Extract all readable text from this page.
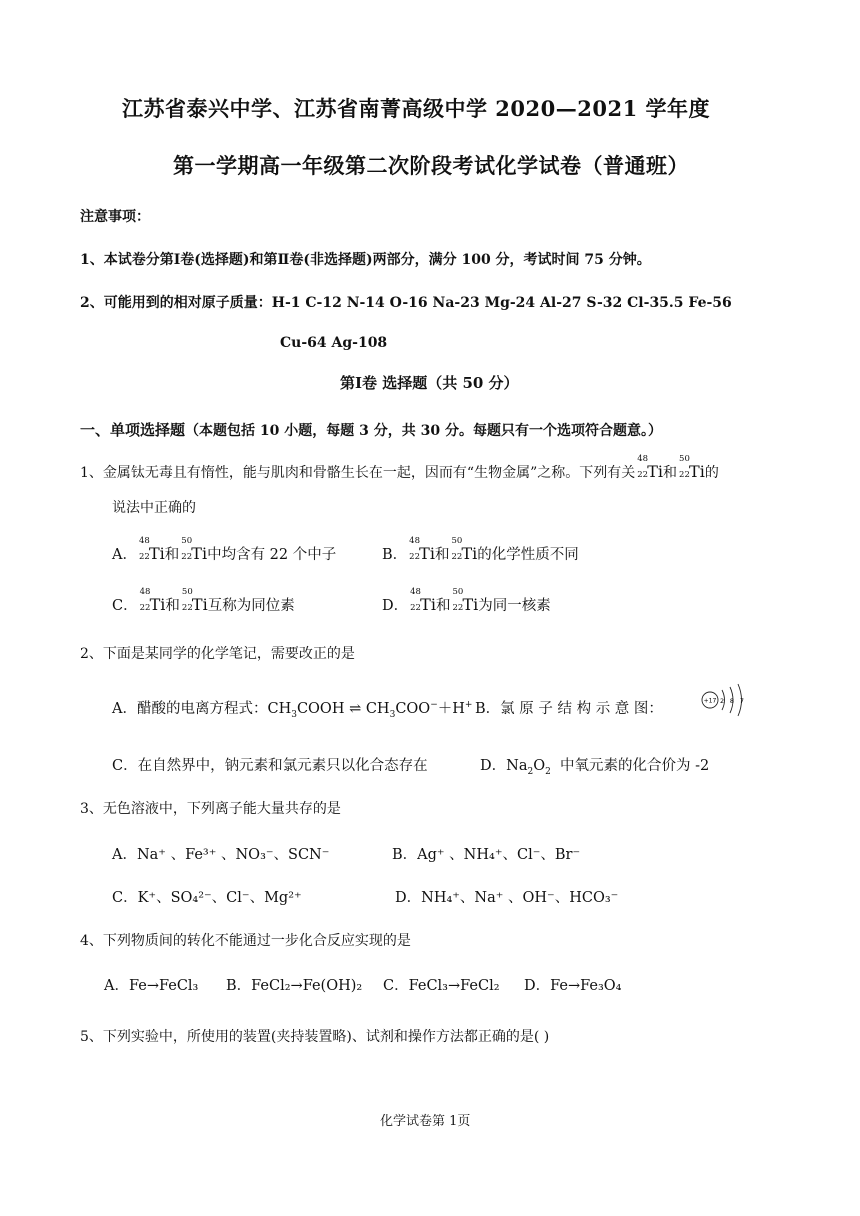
江苏省泰兴中学、江苏省南菁高级中学 2020—2021 学年度
第一学期高一年级第二次阶段考试化学试卷（普通班）
注意事项：
1、本试卷分第Ⅰ卷(选择题)和第Ⅱ卷(非选择题)两部分，满分 100 分，考试时间 75 分钟。
2、可能用到的相对原子质量：H-1 C-12 N-14 O-16 Na-23 Mg-24 Al-27 S-32 Cl-35.5 Fe-56
Cu-64 Ag-108
第Ⅰ卷 选择题（共 50 分）
一、单项选择题（本题包括 10 小题，每题 3 分，共 30 分。每题只有一个选项符合题意。）
1、金属钛无毒且有惰性，能与肌肉和骨骼生长在一起，因而有“生物金属”之称。下列有关
48
22 Ti和
50
22 Ti的
说法中正确的
A．
48
22 Ti和
50
22 Ti中均含有 22 个中子	B．
48
22 Ti和
50
22 Ti的化学性质不同
C．
48
22 Ti和
50
22 Ti互称为同位素	D．
48
22 Ti和
50
22 Ti为同一核素
2、下面是某同学的化学笔记，需要改正的是
A．醋酸的电离方程式：$CH_3COOH$ ⇌ $CH_3COO^-+H^+$ B．氯 原 子 结 构 示 意 图：	+17 2 8 7
C．在自然界中，钠元素和氯元素只以化合态存在	D．$Na_2O_2$ 中氧元素的化合价为 -2
3、无色溶液中，下列离子能大量共存的是
A．Na⁺ 、Fe³⁺ 、NO₃⁻、SCN⁻	B．Ag⁺ 、NH₄⁺、Cl⁻、Br⁻
C．K⁺、SO₄²⁻、Cl⁻、Mg²⁺	D．NH₄⁺、Na⁺ 、OH⁻、HCO₃⁻
4、下列物质间的转化不能通过一步化合反应实现的是
A．Fe→FeCl₃ B．FeCl₂→Fe(OH)₂ C．FeCl₃→FeCl₂ D．Fe→Fe₃O₄
5、下列实验中，所使用的装置(夹持装置略)、试剂和操作方法都正确的是( )
化学试卷第 1页
